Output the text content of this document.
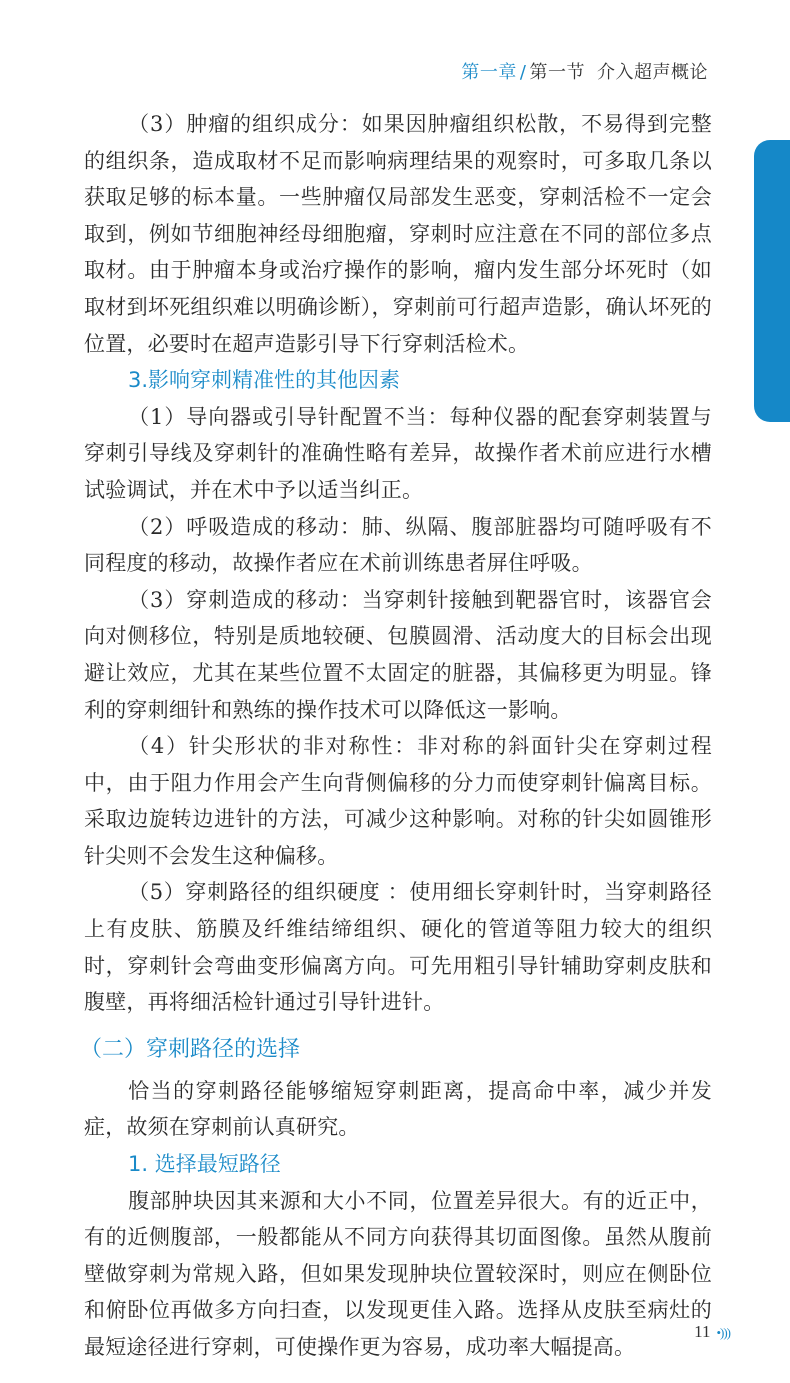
第一章 / 第一节 介入超声概论

（3）肿瘤的组织成分：如果因肿瘤组织松散，不易得到完整的组织条，造成取材不足而影响病理结果的观察时，可多取几条以获取足够的标本量。一些肿瘤仅局部发生恶变，穿刺活检不一定会取到，例如节细胞神经母细胞瘤，穿刺时应注意在不同的部位多点取材。由于肿瘤本身或治疗操作的影响，瘤内发生部分坏死时（如取材到坏死组织难以明确诊断），穿刺前可行超声造影，确认坏死的位置，必要时在超声造影引导下行穿刺活检术。

3.影响穿刺精准性的其他因素

（1）导向器或引导针配置不当：每种仪器的配套穿刺装置与穿刺引导线及穿刺针的准确性略有差异，故操作者术前应进行水槽试验调试，并在术中予以适当纠正。

（2）呼吸造成的移动：肺、纵隔、腹部脏器均可随呼吸有不同程度的移动，故操作者应在术前训练患者屏住呼吸。

（3）穿刺造成的移动：当穿刺针接触到靶器官时，该器官会向对侧移位，特别是质地较硬、包膜圆滑、活动度大的目标会出现避让效应，尤其在某些位置不太固定的脏器，其偏移更为明显。锋利的穿刺细针和熟练的操作技术可以降低这一影响。

（4）针尖形状的非对称性：非对称的斜面针尖在穿刺过程中，由于阻力作用会产生向背侧偏移的分力而使穿刺针偏离目标。采取边旋转边进针的方法，可减少这种影响。对称的针尖如圆锥形针尖则不会发生这种偏移。

（5）穿刺路径的组织硬度 ：使用细长穿刺针时，当穿刺路径上有皮肤、筋膜及纤维结缔组织、硬化的管道等阻力较大的组织时，穿刺针会弯曲变形偏离方向。可先用粗引导针辅助穿刺皮肤和腹壁，再将细活检针通过引导针进针。

（二）穿刺路径的选择

恰当的穿刺路径能够缩短穿刺距离，提高命中率，减少并发症，故须在穿刺前认真研究。

1. 选择最短路径

腹部肿块因其来源和大小不同，位置差异很大。有的近正中，有的近侧腹部，一般都能从不同方向获得其切面图像。虽然从腹前壁做穿刺为常规入路，但如果发现肿块位置较深时，则应在侧卧位和俯卧位再做多方向扫查，以发现更佳入路。选择从皮肤至病灶的最短途径进行穿刺，可使操作更为容易，成功率大幅提高。

11 •)))
